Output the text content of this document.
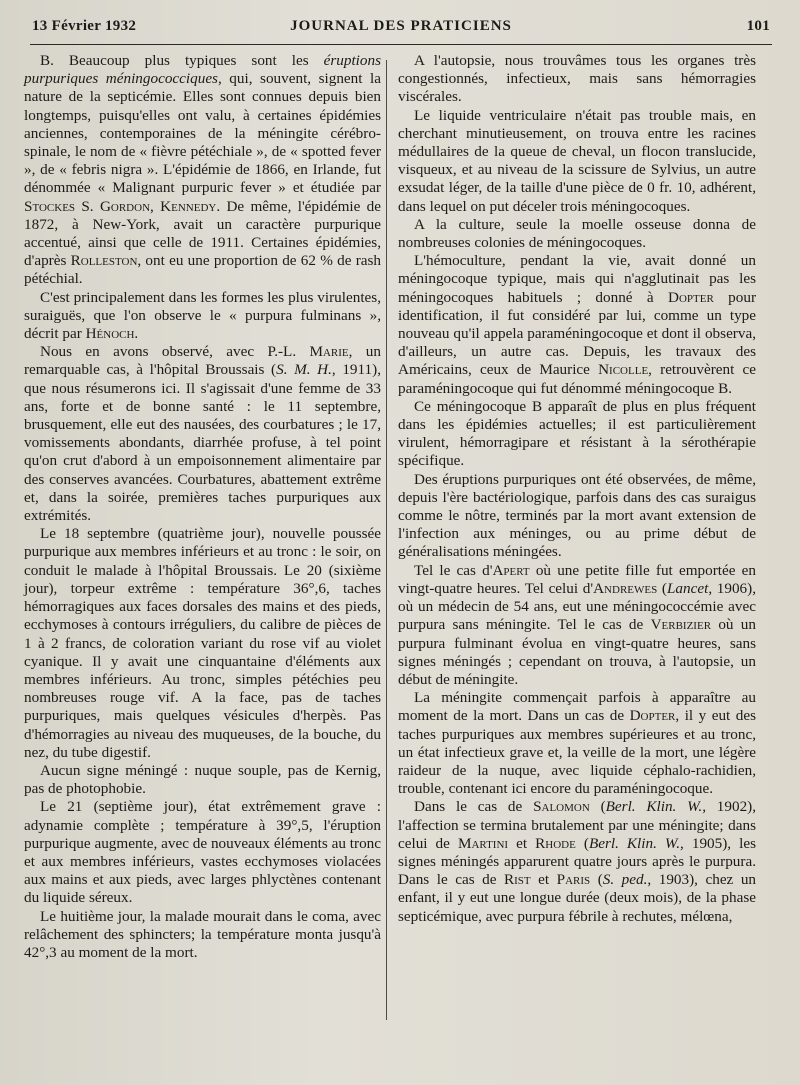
13 Février 1932	JOURNAL DES PRATICIENS	101

B. Beaucoup plus typiques sont les éruptions purpuriques méningococciques, qui, souvent, signent la nature de la septicémie. Elles sont connues depuis bien longtemps, puisqu'elles ont valu, à certaines épidémies anciennes, contemporaines de la méningite cérébro-spinale, le nom de « fièvre pétéchiale », de « spotted fever », de « febris nigra ». L'épidémie de 1866, en Irlande, fut dénommée « Malignant purpuric fever » et étudiée par Stockes S. Gordon, Kennedy. De même, l'épidémie de 1872, à New-York, avait un caractère purpurique accentué, ainsi que celle de 1911. Certaines épidémies, d'après Rolleston, ont eu une proportion de 62 % de rash pétéchial.

C'est principalement dans les formes les plus virulentes, suraiguës, que l'on observe le « purpura fulminans », décrit par Hénoch.

Nous en avons observé, avec P.-L. Marie, un remarquable cas, à l'hôpital Broussais (S. M. H., 1911), que nous résumerons ici. Il s'agissait d'une femme de 33 ans, forte et de bonne santé : le 11 septembre, brusquement, elle eut des nausées, des courbatures ; le 17, vomissements abondants, diarrhée profuse, à tel point qu'on crut d'abord à un empoisonnement alimentaire par des conserves avancées. Courbatures, abattement extrême et, dans la soirée, premières taches purpuriques aux extrémités.

Le 18 septembre (quatrième jour), nouvelle poussée purpurique aux membres inférieurs et au tronc : le soir, on conduit le malade à l'hôpital Broussais. Le 20 (sixième jour), torpeur extrême : température 36°,6, taches hémorragiques aux faces dorsales des mains et des pieds, ecchymoses à contours irréguliers, du calibre de pièces de 1 à 2 francs, de coloration variant du rose vif au violet cyanique. Il y avait une cinquantaine d'éléments aux membres inférieurs. Au tronc, simples pétéchies peu nombreuses rouge vif. A la face, pas de taches purpuriques, mais quelques vésicules d'herpès. Pas d'hémorragies au niveau des muqueuses, de la bouche, du nez, du tube digestif.

Aucun signe méningé : nuque souple, pas de Kernig, pas de photophobie.

Le 21 (septième jour), état extrêmement grave : adynamie complète ; température à 39°,5, l'éruption purpurique augmente, avec de nouveaux éléments au tronc et aux membres inférieurs, vastes ecchymoses violacées aux mains et aux pieds, avec larges phlyctènes contenant du liquide séreux.

Le huitième jour, la malade mourait dans le coma, avec relâchement des sphincters; la température monta jusqu'à 42°,3 au moment de la mort.

A l'autopsie, nous trouvâmes tous les organes très congestionnés, infectieux, mais sans hémorragies viscérales.

Le liquide ventriculaire n'était pas trouble mais, en cherchant minutieusement, on trouva entre les racines médullaires de la queue de cheval, un flocon translucide, visqueux, et au niveau de la scissure de Sylvius, un autre exsudat léger, de la taille d'une pièce de 0 fr. 10, adhérent, dans lequel on put déceler trois méningocoques.

A la culture, seule la moelle osseuse donna de nombreuses colonies de méningocoques.

L'hémoculture, pendant la vie, avait donné un méningocoque typique, mais qui n'agglutinait pas les méningocoques habituels ; donné à Dopter pour identification, il fut considéré par lui, comme un type nouveau qu'il appela paraméningocoque et dont il observa, d'ailleurs, un autre cas. Depuis, les travaux des Américains, ceux de Maurice Nicolle, retrouvèrent ce paraméningocoque qui fut dénommé méningocoque B.

Ce méningocoque B apparaît de plus en plus fréquent dans les épidémies actuelles; il est particulièrement virulent, hémorragipare et résistant à la sérothérapie spécifique.

Des éruptions purpuriques ont été observées, de même, depuis l'ère bactériologique, parfois dans des cas suraigus comme le nôtre, terminés par la mort avant extension de l'infection aux méninges, ou au prime début de généralisations méningées.

Tel le cas d'Apert où une petite fille fut emportée en vingt-quatre heures. Tel celui d'Andrewes (Lancet, 1906), où un médecin de 54 ans, eut une méningococcémie avec purpura sans méningite. Tel le cas de Verbizier où un purpura fulminant évolua en vingt-quatre heures, sans signes méningés ; cependant on trouva, à l'autopsie, un début de méningite.

La méningite commençait parfois à apparaître au moment de la mort. Dans un cas de Dopter, il y eut des taches purpuriques aux membres supérieures et au tronc, un état infectieux grave et, la veille de la mort, une légère raideur de la nuque, avec liquide céphalo-rachidien, trouble, contenant ici encore du paraméningocoque.

Dans le cas de Salomon (Berl. Klin. W., 1902), l'affection se termina brutalement par une méningite; dans celui de Martini et Rhode (Berl. Klin. W., 1905), les signes méningés apparurent quatre jours après le purpura. Dans le cas de Rist et Paris (S. ped., 1903), chez un enfant, il y eut une longue durée (deux mois), de la phase septicémique, avec purpura fébrile à rechutes, mélœna,
